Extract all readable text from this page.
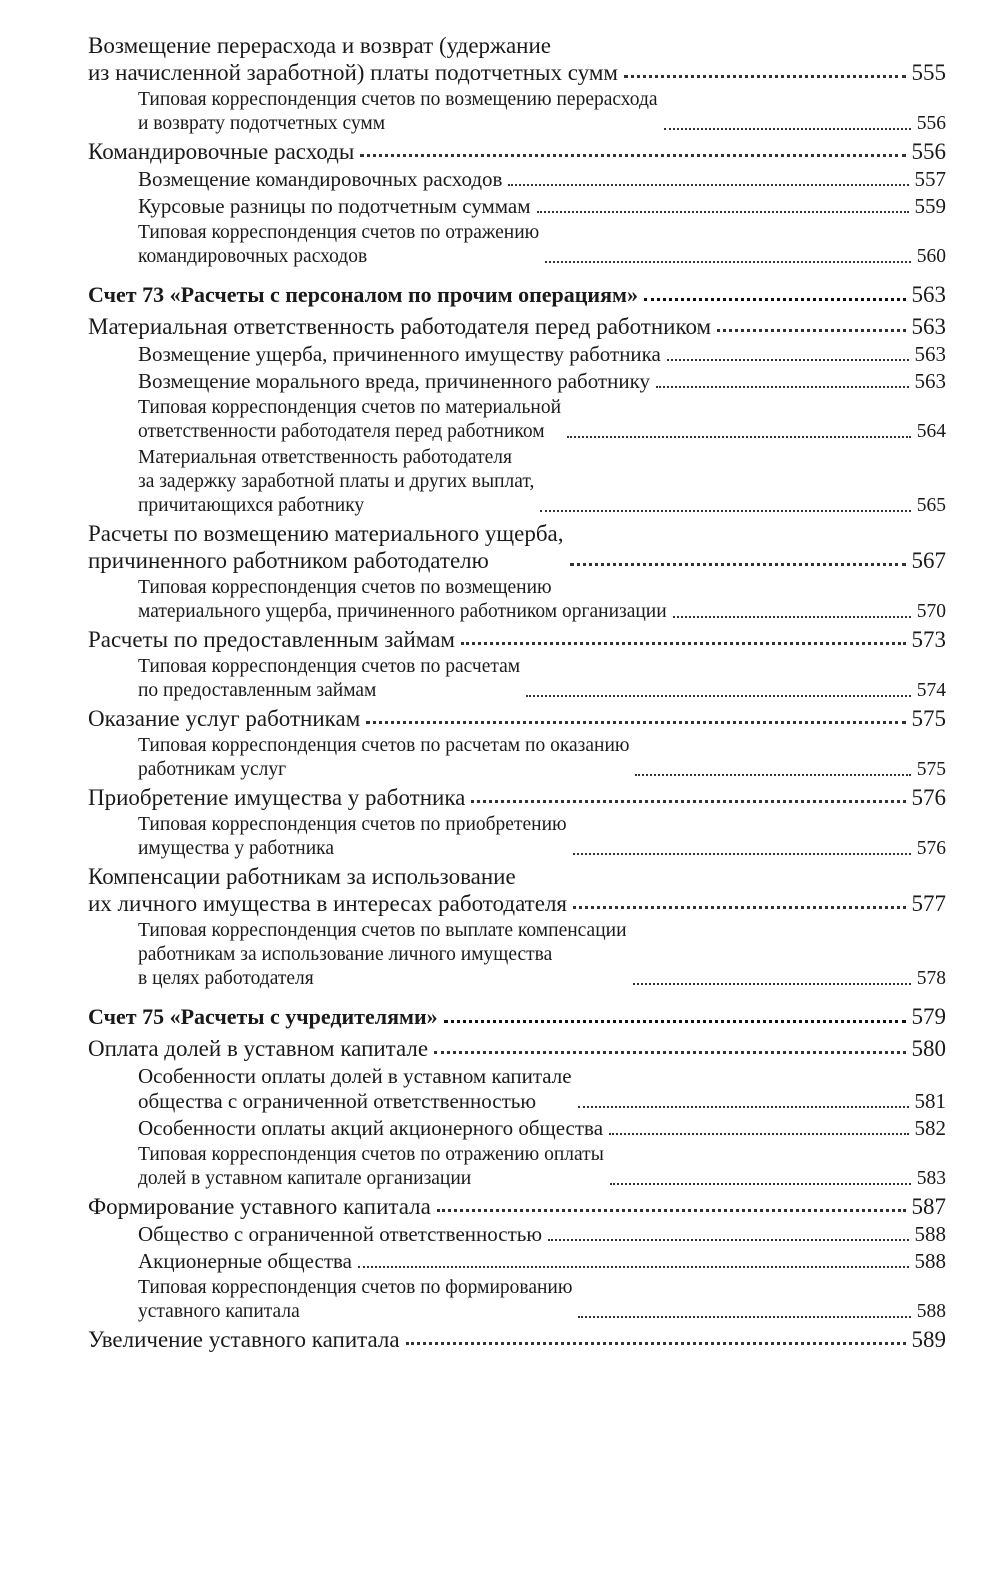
Возмещение перерасхода и возврат (удержание
из начисленной заработной) платы подотчетных сумм	555
Типовая корреспонденция счетов по возмещению перерасхода
и возврату подотчетных сумм	556
Командировочные расходы	556
Возмещение командировочных расходов	557
Курсовые разницы по подотчетным суммам	559
Типовая корреспонденция счетов по отражению
командировочных расходов	560
Счет 73 «Расчеты с персоналом по прочим операциям»	563
Материальная ответственность работодателя перед работником	563
Возмещение ущерба, причиненного имуществу работника	563
Возмещение морального вреда, причиненного работнику	563
Типовая корреспонденция счетов по материальной
ответственности работодателя перед работником	564
Материальная ответственность работодателя
за задержку заработной платы и других выплат,
причитающихся работнику	565
Расчеты по возмещению материального ущерба,
причиненного работником работодателю	567
Типовая корреспонденция счетов по возмещению
материального ущерба, причиненного работником организации	570
Расчеты по предоставленным займам	573
Типовая корреспонденция счетов по расчетам
по предоставленным займам	574
Оказание услуг работникам	575
Типовая корреспонденция счетов по расчетам по оказанию
работникам услуг	575
Приобретение имущества у работника	576
Типовая корреспонденция счетов по приобретению
имущества у работника	576
Компенсации работникам за использование
их личного имущества в интересах работодателя	577
Типовая корреспонденция счетов по выплате компенсации
работникам за использование личного имущества
в целях работодателя	578
Счет 75 «Расчеты с учредителями»	579
Оплата долей в уставном капитале	580
Особенности оплаты долей в уставном капитале
общества с ограниченной ответственностью	581
Особенности оплаты акций акционерного общества	582
Типовая корреспонденция счетов по отражению оплаты
долей в уставном капитале организации	583
Формирование уставного капитала	587
Общество с ограниченной ответственностью	588
Акционерные общества	588
Типовая корреспонденция счетов по формированию
уставного капитала	588
Увеличение уставного капитала	589
